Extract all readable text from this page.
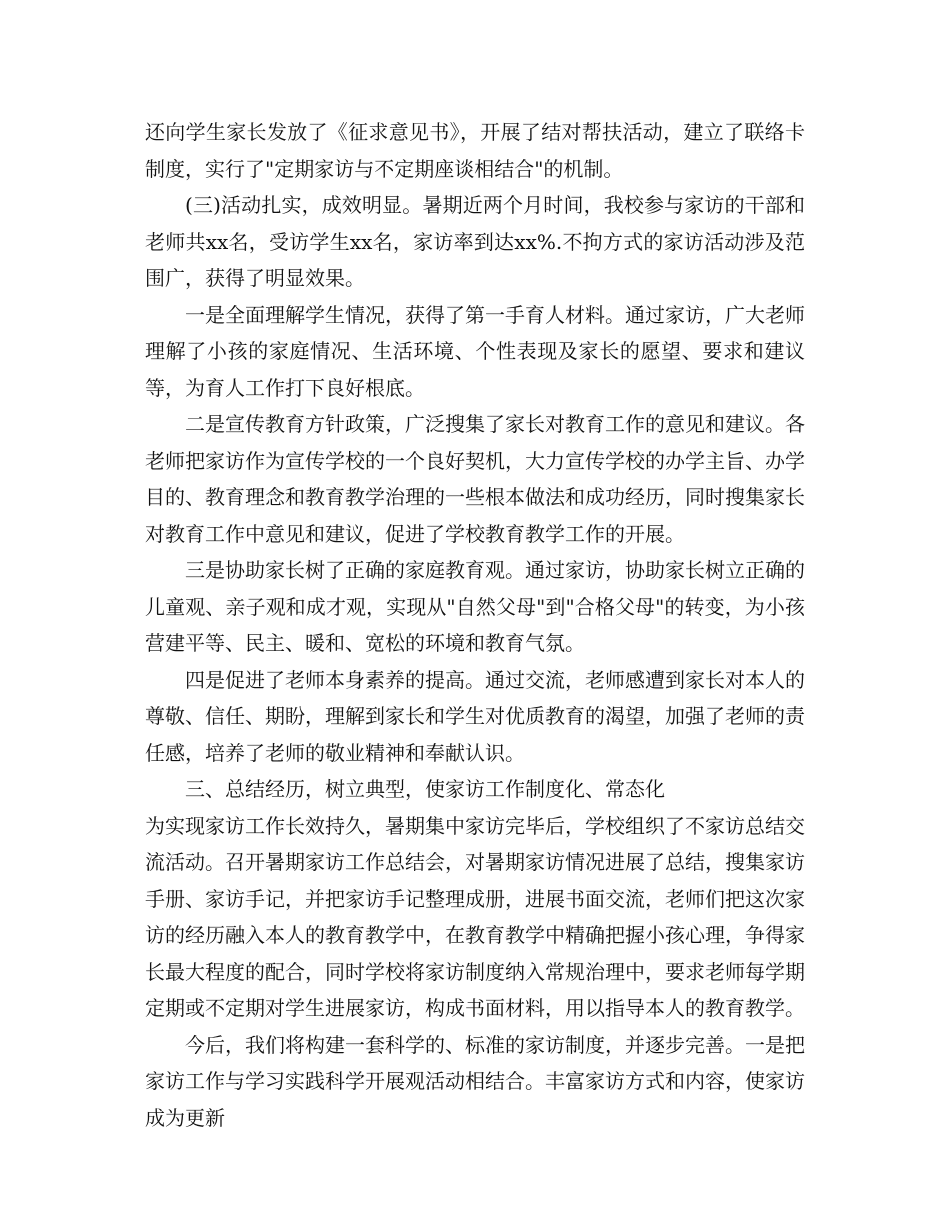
还向学生家长发放了《征求意见书》，开展了结对帮扶活动，建立了联络卡制度，实行了"定期家访与不定期座谈相结合"的机制。

(三)活动扎实，成效明显。暑期近两个月时间，我校参与家访的干部和老师共xx名，受访学生xx名，家访率到达xx%.不拘方式的家访活动涉及范围广，获得了明显效果。

一是全面理解学生情况，获得了第一手育人材料。通过家访，广大老师理解了小孩的家庭情况、生活环境、个性表现及家长的愿望、要求和建议等，为育人工作打下良好根底。

二是宣传教育方针政策，广泛搜集了家长对教育工作的意见和建议。各老师把家访作为宣传学校的一个良好契机，大力宣传学校的办学主旨、办学目的、教育理念和教育教学治理的一些根本做法和成功经历，同时搜集家长对教育工作中意见和建议，促进了学校教育教学工作的开展。

三是协助家长树了正确的家庭教育观。通过家访，协助家长树立正确的儿童观、亲子观和成才观，实现从"自然父母"到"合格父母"的转变，为小孩营建平等、民主、暖和、宽松的环境和教育气氛。

四是促进了老师本身素养的提高。通过交流，老师感遭到家长对本人的尊敬、信任、期盼，理解到家长和学生对优质教育的渴望，加强了老师的责任感，培养了老师的敬业精神和奉献认识。

三、总结经历，树立典型，使家访工作制度化、常态化

为实现家访工作长效持久，暑期集中家访完毕后，学校组织了不家访总结交流活动。召开暑期家访工作总结会，对暑期家访情况进展了总结，搜集家访手册、家访手记，并把家访手记整理成册，进展书面交流，老师们把这次家访的经历融入本人的教育教学中，在教育教学中精确把握小孩心理，争得家长最大程度的配合，同时学校将家访制度纳入常规治理中，要求老师每学期定期或不定期对学生进展家访，构成书面材料，用以指导本人的教育教学。

今后，我们将构建一套科学的、标准的家访制度，并逐步完善。一是把家访工作与学习实践科学开展观活动相结合。丰富家访方式和内容，使家访成为更新
